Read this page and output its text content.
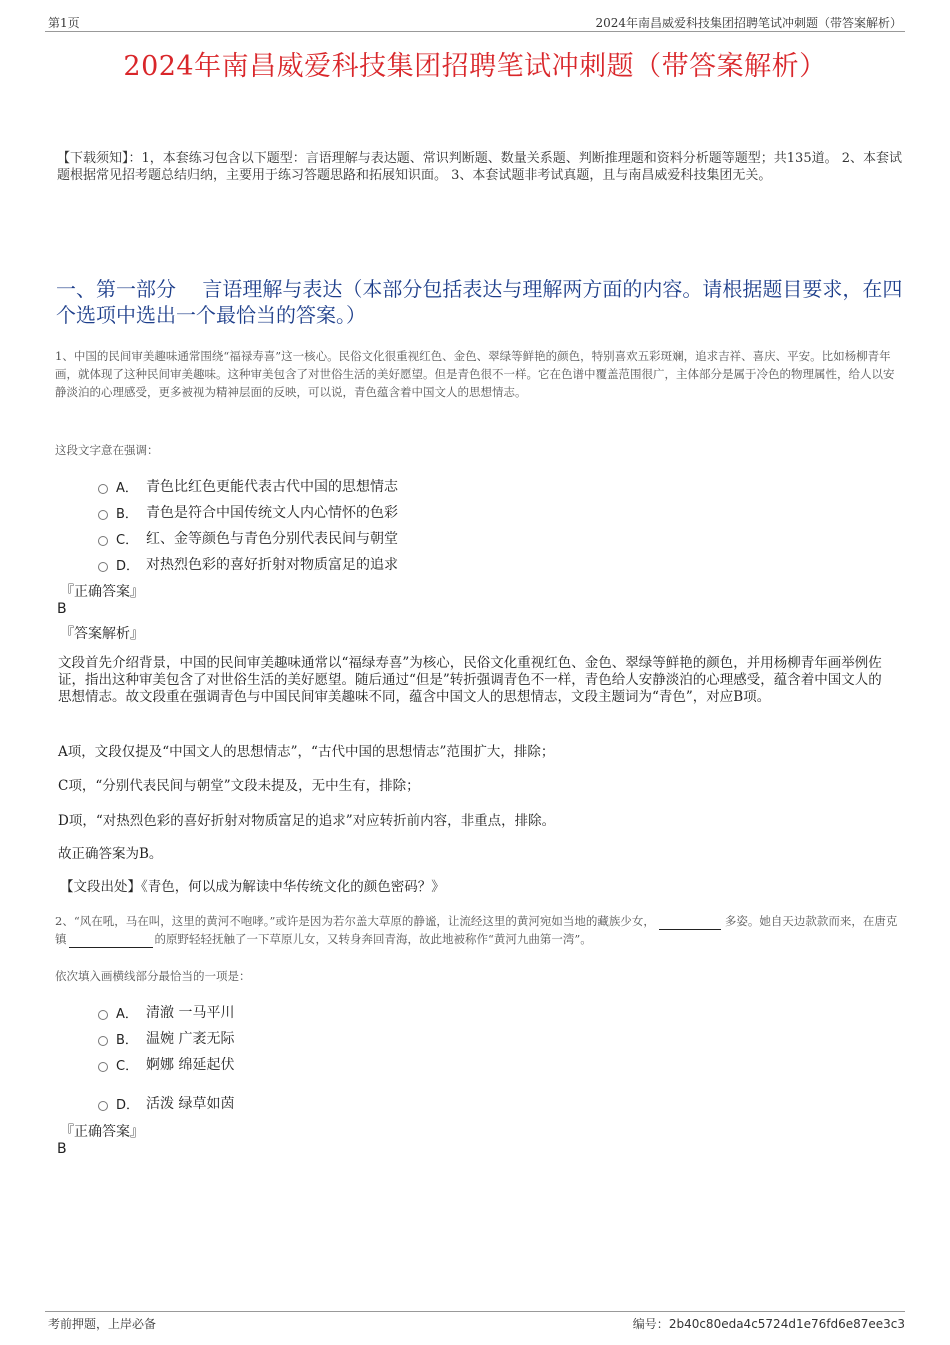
第1页	2024年南昌威爱科技集团招聘笔试冲刺题（带答案解析）
2024年南昌威爱科技集团招聘笔试冲刺题（带答案解析）
【下载须知】：1，本套练习包含以下题型：言语理解与表达题、常识判断题、数量关系题、判断推理题和资料分析题等题型；共135道。 2、本套试题根据常见招考题总结归纳，主要用于练习答题思路和拓展知识面。 3、本套试题非考试真题，且与南昌威爱科技集团无关。
一、第一部分　 言语理解与表达（本部分包括表达与理解两方面的内容。请根据题目要求，在四个选项中选出一个最恰当的答案。）
1、中国的民间审美趣味通常围绕“福禄寿喜”这一核心。民俗文化很重视红色、金色、翠绿等鲜艳的颜色，特别喜欢五彩斑斓，追求吉祥、喜庆、平安。比如杨柳青年画，就体现了这种民间审美趣味。这种审美包含了对世俗生活的美好愿望。但是青色很不一样。它在色谱中覆盖范围很广，主体部分是属于冷色的物理属性，给人以安静淡泊的心理感受，更多被视为精神层面的反映，可以说，青色蕴含着中国文人的思想情志。
这段文字意在强调：
A． 青色比红色更能代表古代中国的思想情志
B． 青色是符合中国传统文人内心情怀的色彩
C． 红、金等颜色与青色分别代表民间与朝堂
D． 对热烈色彩的喜好折射对物质富足的追求
『正确答案』
B
『答案解析』
文段首先介绍背景，中国的民间审美趣味通常以“福绿寿喜”为核心，民俗文化重视红色、金色、翠绿等鲜艳的颜色，并用杨柳青年画举例佐证，指出这种审美包含了对世俗生活的美好愿望。随后通过“但是”转折强调青色不一样，青色给人安静淡泊的心理感受，蕴含着中国文人的思想情志。故文段重在强调青色与中国民间审美趣味不同，蕴含中国文人的思想情志，文段主题词为“青色”，对应B项。
A项，文段仅提及“中国文人的思想情志”，“古代中国的思想情志”范围扩大，排除；
C项，“分别代表民间与朝堂”文段未提及，无中生有，排除；
D项，“对热烈色彩的喜好折射对物质富足的追求”对应转折前内容，非重点，排除。
故正确答案为B。
【文段出处】《青色，何以成为解读中华传统文化的颜色密码？》
2、“风在吼，马在叫，这里的黄河不咆哮。”或许是因为若尔盖大草原的静谧，让流经这里的黄河宛如当地的藏族少女，	多姿。她自天边款款而来，在唐克镇	的原野轻轻抚触了一下草原儿女，又转身奔回青海，故此地被称作“黄河九曲第一湾”。
依次填入画横线部分最恰当的一项是：
A． 清澈 一马平川
B． 温婉 广袤无际
C． 婀娜 绵延起伏
D． 活泼 绿草如茵
『正确答案』
B
考前押题，上岸必备	编号：2b40c80eda4c5724d1e76fd6e87ee3c3
